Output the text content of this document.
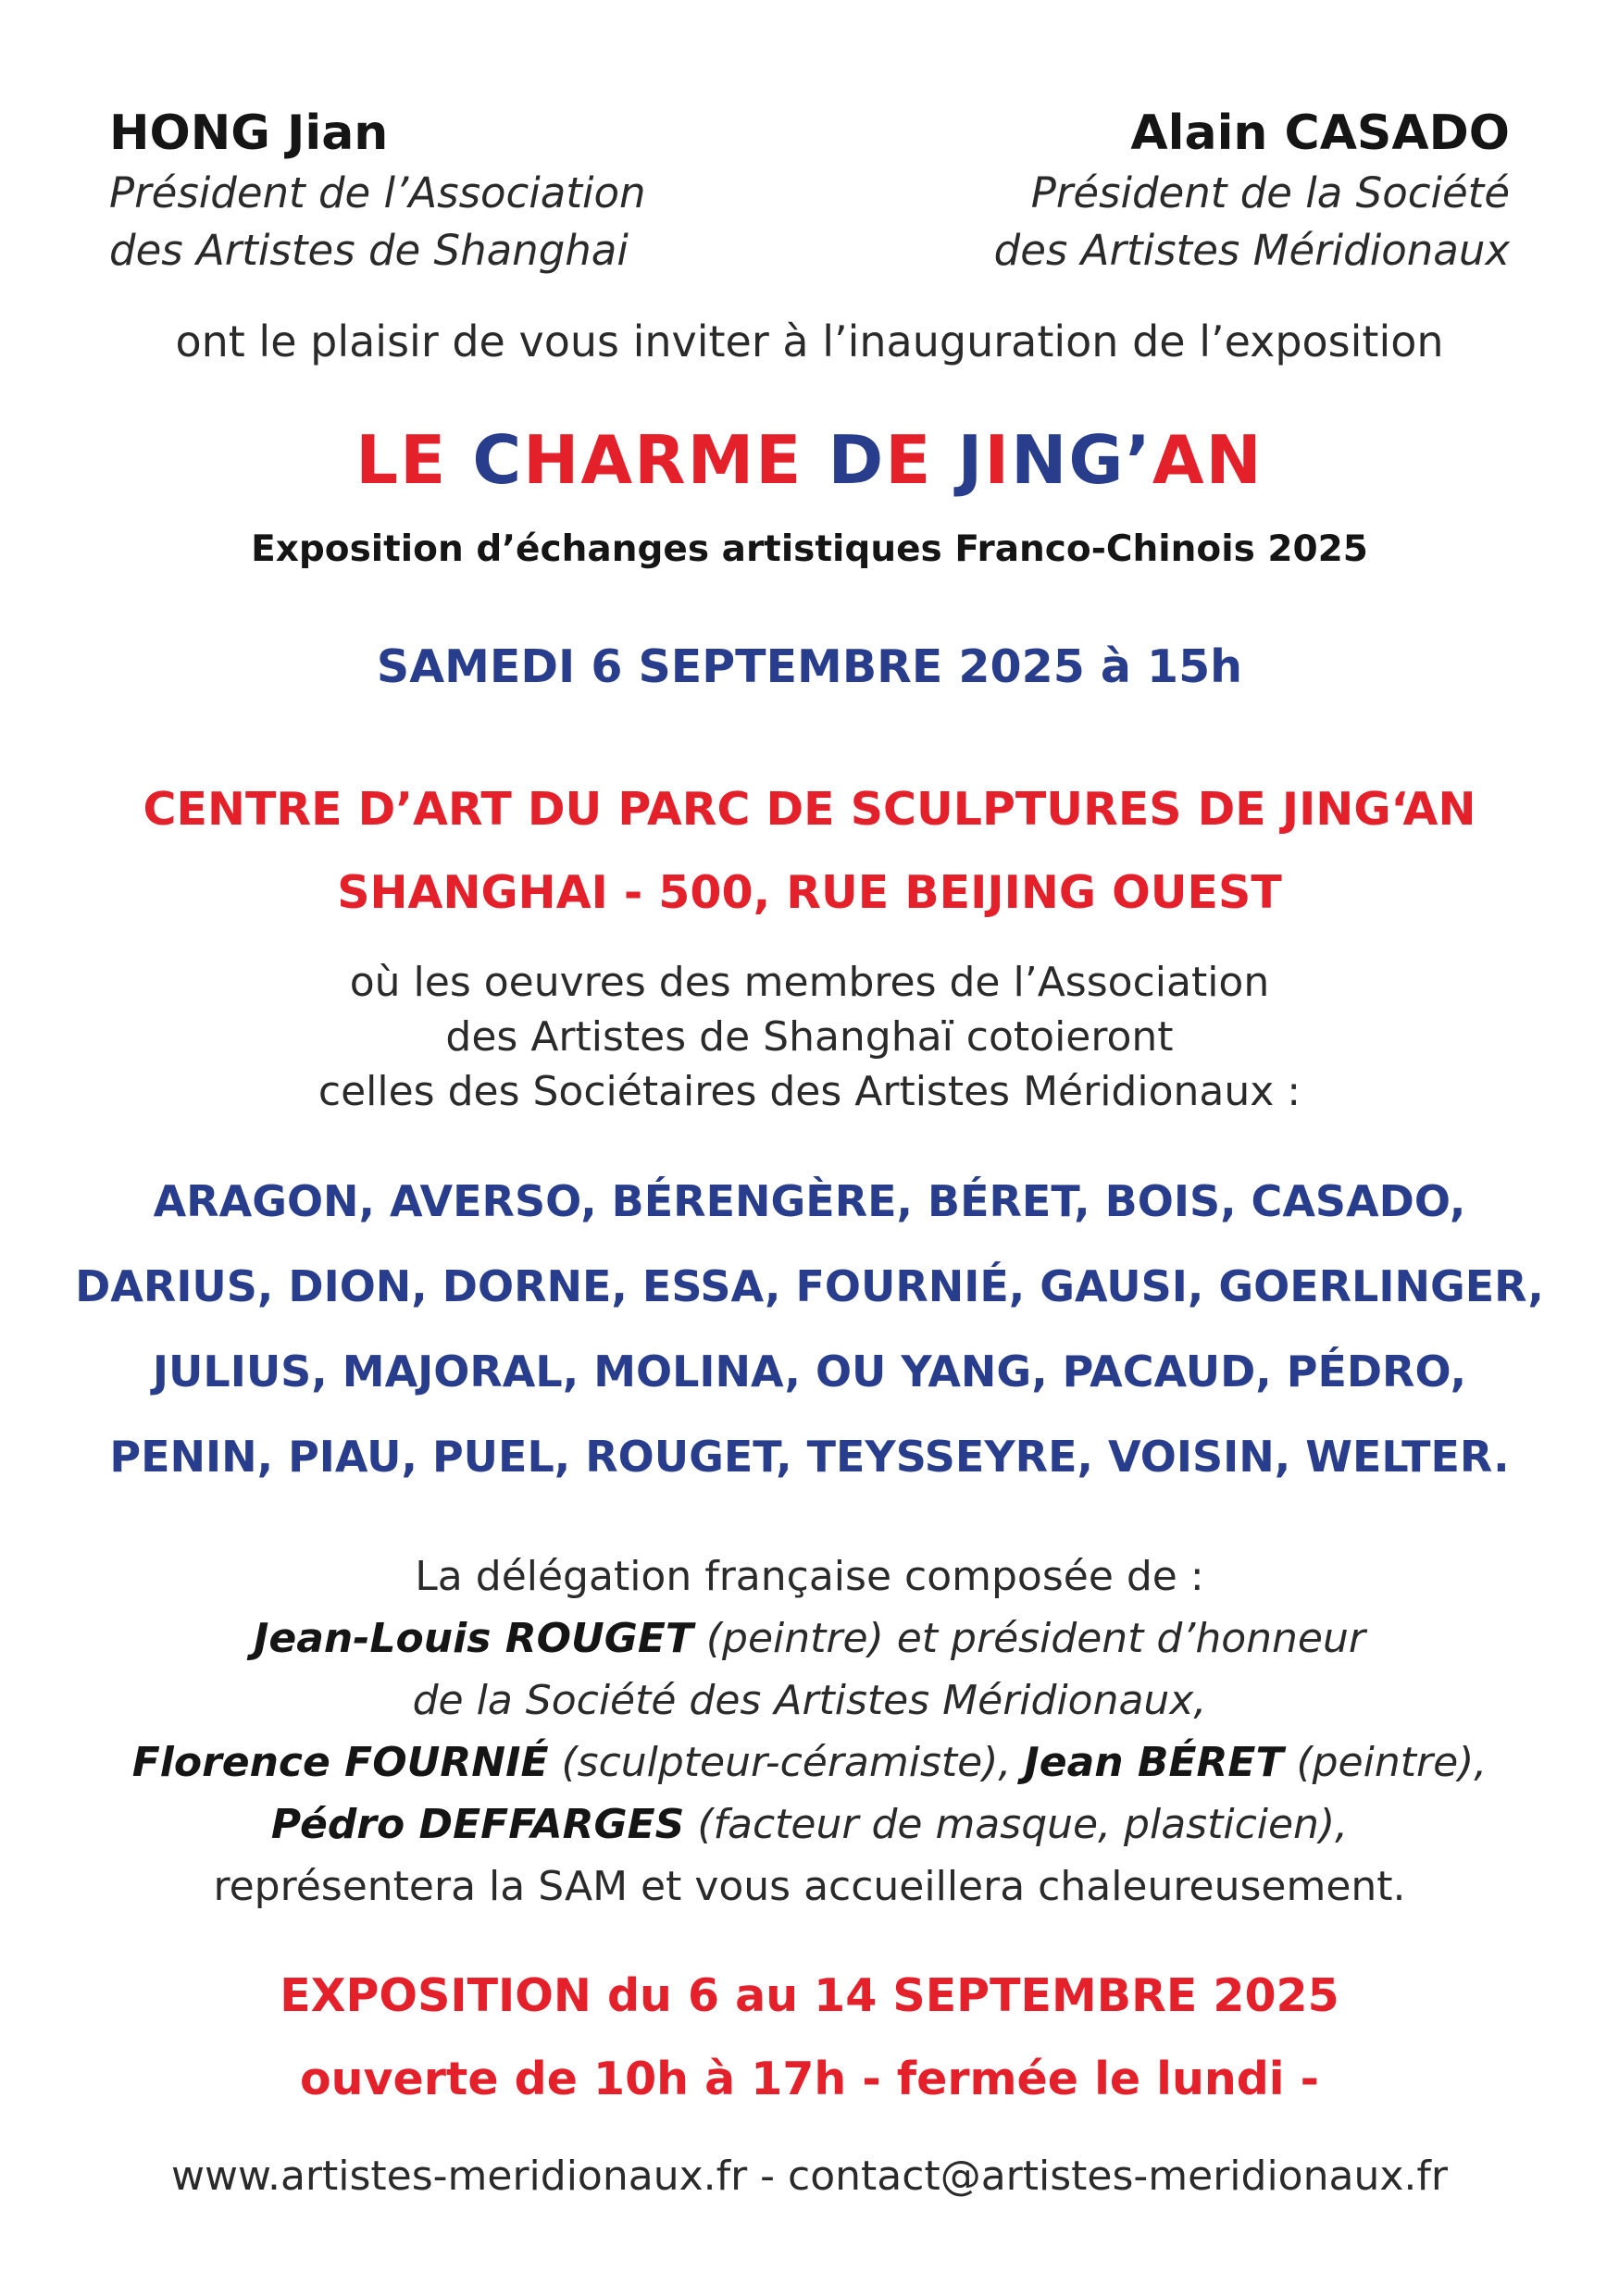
HONG Jian
Président de l’Association
des Artistes de Shanghai
Alain CASADO
Président de la Société
des Artistes Méridionaux

ont le plaisir de vous inviter à l’inauguration de l’exposition

LE CHARME DE JING’AN

Exposition d’échanges artistiques Franco-Chinois 2025

SAMEDI 6 SEPTEMBRE 2025 à 15h

CENTRE D’ART DU PARC DE SCULPTURES DE JING‘AN

SHANGHAI - 500, RUE BEIJING OUEST

où les oeuvres des membres de l’Association
des Artistes de Shanghaï cotoieront
celles des Sociétaires des Artistes Méridionaux :
ARAGON, AVERSO, BÉRENGÈRE, BÉRET, BOIS, CASADO,
DARIUS, DION, DORNE, ESSA, FOURNIÉ, GAUSI, GOERLINGER,
JULIUS, MAJORAL, MOLINA, OU YANG, PACAUD, PÉDRO,
PENIN, PIAU, PUEL, ROUGET, TEYSSEYRE, VOISIN, WELTER.
La délégation française composée de :
Jean-Louis ROUGET (peintre) et président d’honneur
de la Société des Artistes Méridionaux,
Florence FOURNIÉ (sculpteur-céramiste), Jean BÉRET (peintre),
Pédro DEFFARGES (facteur de masque, plasticien),
représentera la SAM et vous accueillera chaleureusement.

EXPOSITION du 6 au 14 SEPTEMBRE 2025

ouverte de 10h à 17h - fermée le lundi -

www.artistes-meridionaux.fr - contact@artistes-meridionaux.fr
